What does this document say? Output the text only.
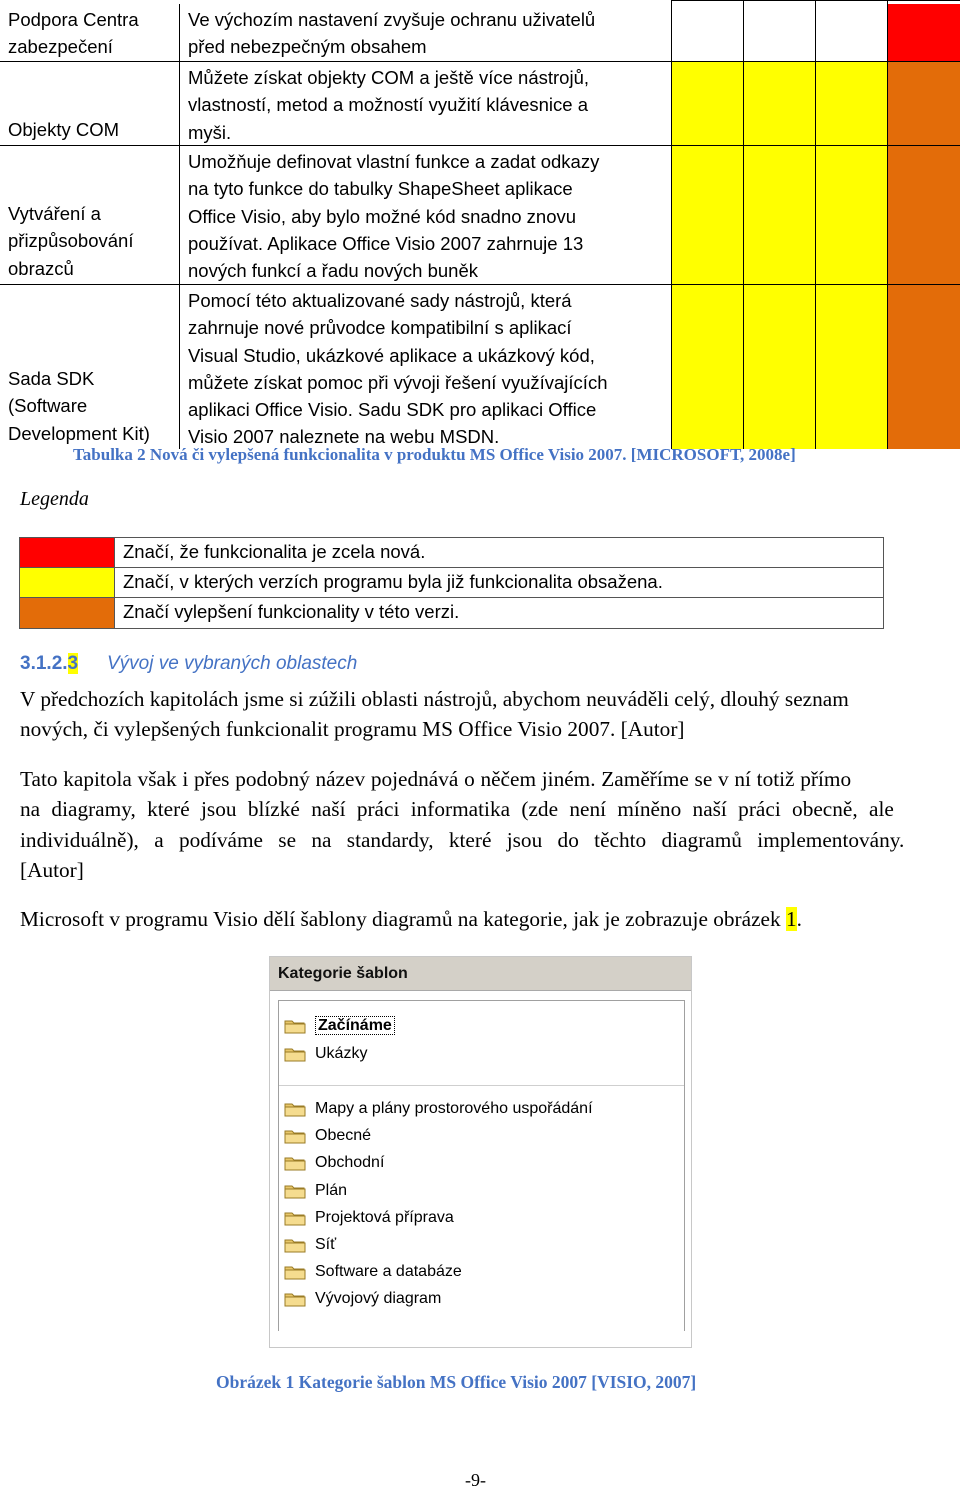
Podpora Centra
zabezpečení
Ve výchozím nastavení zvyšuje ochranu uživatelů
před nebezpečným obsahem
Objekty COM
Můžete získat objekty COM a ještě více nástrojů,
vlastností, metod a možností využití klávesnice a
myši.
Vytváření a
přizpůsobování
obrazců
Umožňuje definovat vlastní funkce a zadat odkazy
na tyto funkce do tabulky ShapeSheet aplikace
Office Visio, aby bylo možné kód snadno znovu
používat. Aplikace Office Visio 2007 zahrnuje 13
nových funkcí a řadu nových buněk
Sada SDK
(Software
Development Kit)
Pomocí této aktualizované sady nástrojů, která
zahrnuje nové průvodce kompatibilní s aplikací
Visual Studio, ukázkové aplikace a ukázkový kód,
můžete získat pomoc při vývoji řešení využívajících
aplikaci Office Visio. Sadu SDK pro aplikaci Office
Visio 2007 naleznete na webu MSDN.
Tabulka 2 Nová či vylepšená funkcionalita v produktu MS Office Visio 2007. [MICROSOFT, 2008e]
Legenda
Značí, že funkcionalita je zcela nová.
Značí, v kterých verzích programu byla již funkcionalita obsažena.
Značí vylepšení funkcionality v této verzi.
3.1.2.3 Vývoj ve vybraných oblastech
V předchozích kapitolách jsme si zúžili oblasti nástrojů, abychom neuváděli celý, dlouhý seznam
nových, či vylepšených funkcionalit programu MS Office Visio 2007. [Autor]
Tato kapitola však i přes podobný název pojednává o něčem jiném. Zaměříme se v ní totiž přímo
na diagramy, které jsou blízké naší práci informatika (zde není míněno naší práci obecně, ale
individuálně), a podíváme se na standardy, které jsou do těchto diagramů implementovány.
[Autor]
Microsoft v programu Visio dělí šablony diagramů na kategorie, jak je zobrazuje obrázek 1.
Kategorie šablon
Začínáme
Ukázky
Mapy a plány prostorového uspořádání
Obecné
Obchodní
Plán
Projektová příprava
Síť
Software a databáze
Vývojový diagram
Obrázek 1 Kategorie šablon MS Office Visio 2007 [VISIO, 2007]
-9-
